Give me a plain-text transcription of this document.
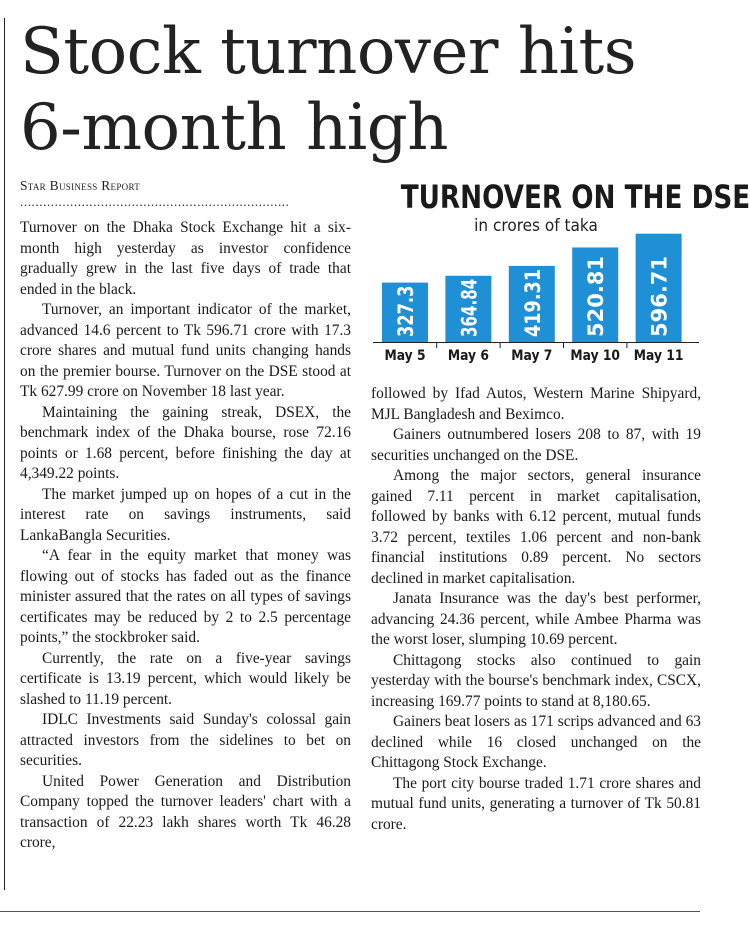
Stock turnover hits
6-month high
Star Business Report
......................................................................

Turnover on the Dhaka Stock Exchange hit a six-month high yesterday as investor confidence gradually grew in the last five days of trade that ended in the black.

Turnover, an important indicator of the market, advanced 14.6 percent to Tk 596.71 crore with 17.3 crore shares and mutual fund units changing hands on the premier bourse. Turnover on the DSE stood at Tk 627.99 crore on November 18 last year.

Maintaining the gaining streak, DSEX, the benchmark index of the Dhaka bourse, rose 72.16 points or 1.68 percent, before finishing the day at 4,349.22 points.

The market jumped up on hopes of a cut in the interest rate on savings instruments, said LankaBangla Securities.

“A fear in the equity market that money was flowing out of stocks has faded out as the finance minister assured that the rates on all types of savings certificates may be reduced by 2 to 2.5 percentage points,” the stockbroker said.

Currently, the rate on a five-year savings certificate is 13.19 percent, which would likely be slashed to 11.19 percent.

IDLC Investments said Sunday's colossal gain attracted investors from the sidelines to bet on securities.

United Power Generation and Distribution Company topped the turnover leaders' chart with a transaction of 22.23 lakh shares worth Tk 46.28 crore,

TURNOVER ON THE DSE
in crores of taka
327.3
May 5
364.84
May 6
419.31
May 7
520.81
May 10
596.71
May 11

followed by Ifad Autos, Western Marine Shipyard, MJL Bangladesh and Beximco.

Gainers outnumbered losers 208 to 87, with 19 securities unchanged on the DSE.

Among the major sectors, general insurance gained 7.11 percent in market capitalisation, followed by banks with 6.12 percent, mutual funds 3.72 percent, textiles 1.06 percent and non-bank financial institutions 0.89 percent. No sectors declined in market capitalisation.

Janata Insurance was the day's best performer, advancing 24.36 percent, while Ambee Pharma was the worst loser, slumping 10.69 percent.

Chittagong stocks also continued to gain yesterday with the bourse's benchmark index, CSCX, increasing 169.77 points to stand at 8,180.65.

Gainers beat losers as 171 scrips advanced and 63 declined while 16 closed unchanged on the Chittagong Stock Exchange.

The port city bourse traded 1.71 crore shares and mutual fund units, generating a turnover of Tk 50.81 crore.
